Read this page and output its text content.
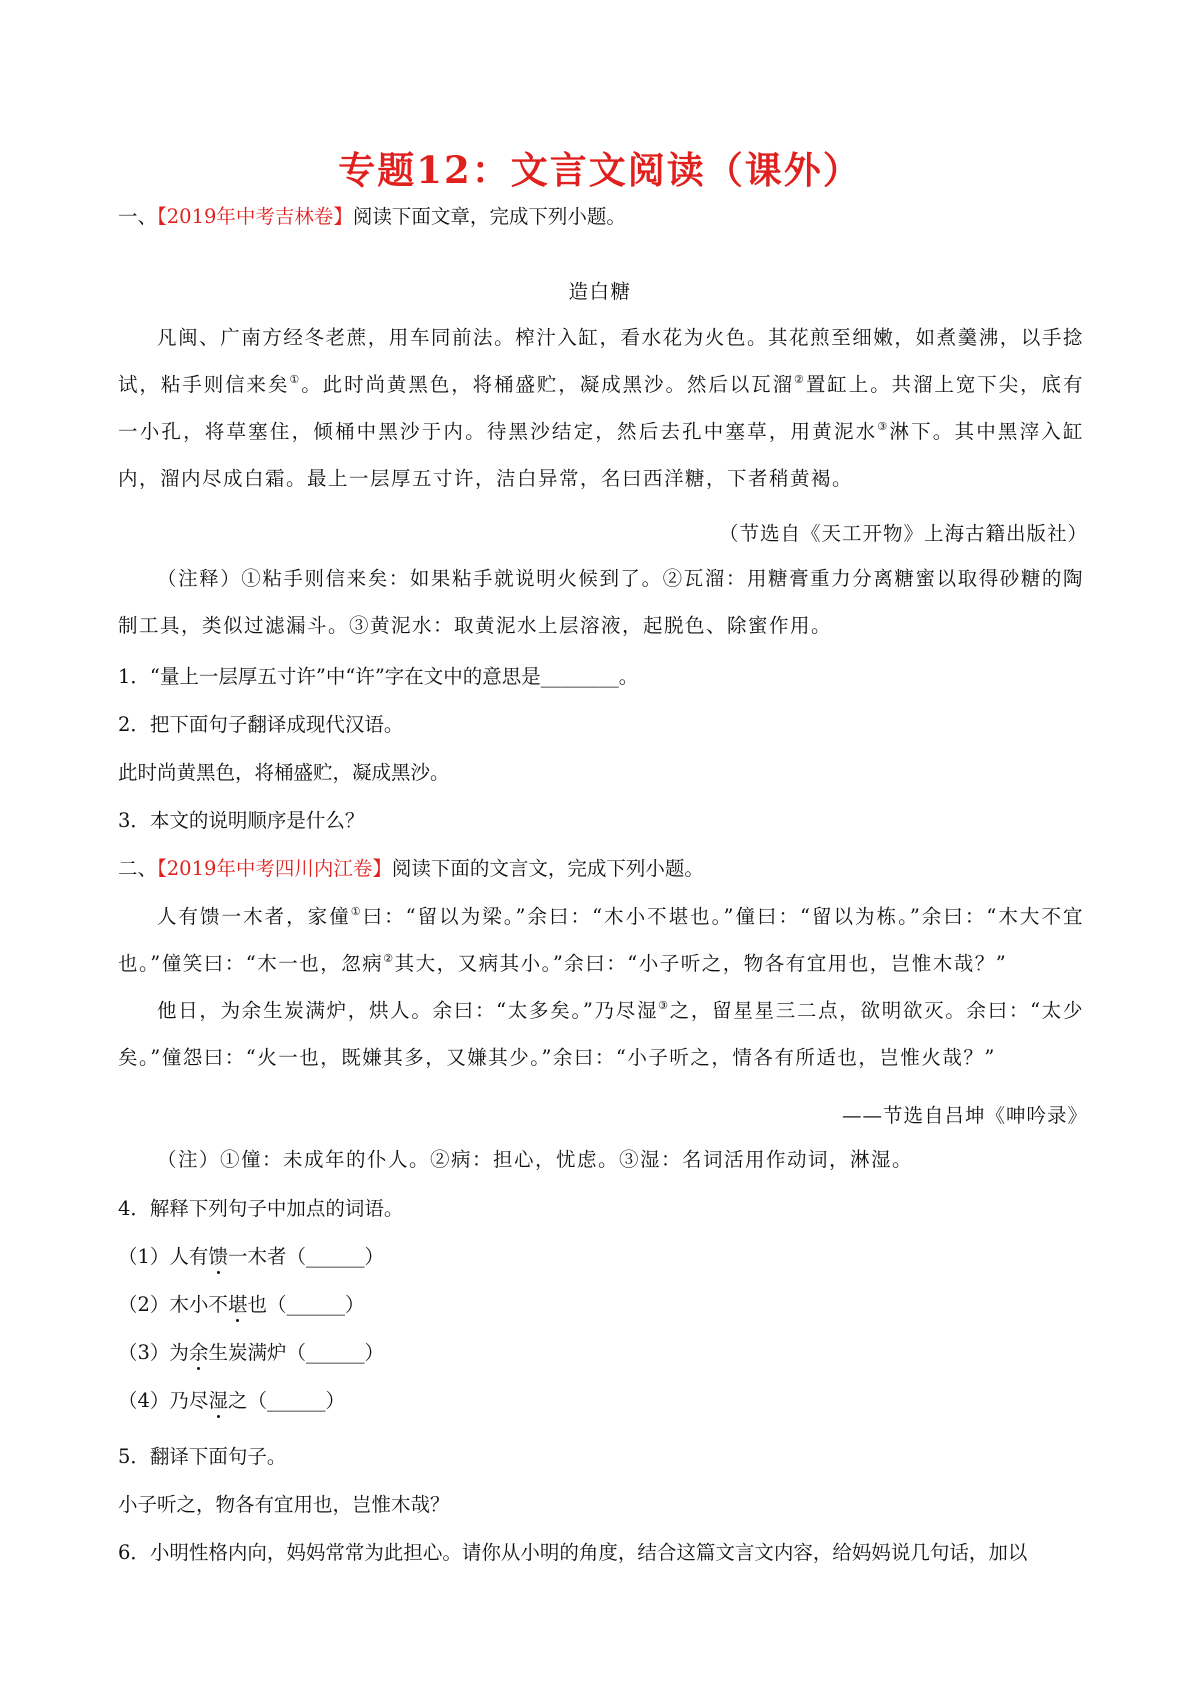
专题12：文言文阅读（课外）
一、【2019年中考吉林卷】阅读下面文章，完成下列小题。
造白糖
凡闽、广南方经冬老蔗，用车同前法。榨汁入缸，看水花为火色。其花煎至细嫩，如煮羹沸，以手捻试，粘手则信来矣①。此时尚黄黑色，将桶盛贮，凝成黑沙。然后以瓦溜②置缸上。共溜上宽下尖，底有一小孔，将草塞住，倾桶中黑沙于内。待黑沙结定，然后去孔中塞草，用黄泥水③淋下。其中黑滓入缸内，溜内尽成白霜。最上一层厚五寸许，洁白异常，名曰西洋糖，下者稍黄褐。
（节选自《天工开物》上海古籍出版社）
（注释）①粘手则信来矣：如果粘手就说明火候到了。②瓦溜：用糖膏重力分离糖蜜以取得砂糖的陶制工具，类似过滤漏斗。③黄泥水：取黄泥水上层溶液，起脱色、除蜜作用。
1．“量上一层厚五寸许”中“许”字在文中的意思是________。
2．把下面句子翻译成现代汉语。
此时尚黄黑色，将桶盛贮，凝成黑沙。
3．本文的说明顺序是什么？
二、【2019年中考四川内江卷】阅读下面的文言文，完成下列小题。
人有馈一木者，家僮①曰：“留以为梁。”余曰：“木小不堪也。”僮曰：“留以为栋。”余曰：“木大不宜也。”僮笑曰：“木一也，忽病②其大，又病其小。”余曰：“小子听之，物各有宜用也，岂惟木哉？”
他日，为余生炭满炉，烘人。余曰：“太多矣。”乃尽湿③之，留星星三二点，欲明欲灭。余曰：“太少矣。”僮怨曰：“火一也，既嫌其多，又嫌其少。”余曰：“小子听之，情各有所适也，岂惟火哉？”
——节选自吕坤《呻吟录》
（注）①僮：未成年的仆人。②病：担心，忧虑。③湿：名词活用作动词，淋湿。
4．解释下列句子中加点的词语。
（1）人有馈一木者（______）
（2）木小不堪也（______）
（3）为余生炭满炉（______）
（4）乃尽湿之（______）
5．翻译下面句子。
小子听之，物各有宜用也，岂惟木哉？
6．小明性格内向，妈妈常常为此担心。请你从小明的角度，结合这篇文言文内容，给妈妈说几句话，加以
